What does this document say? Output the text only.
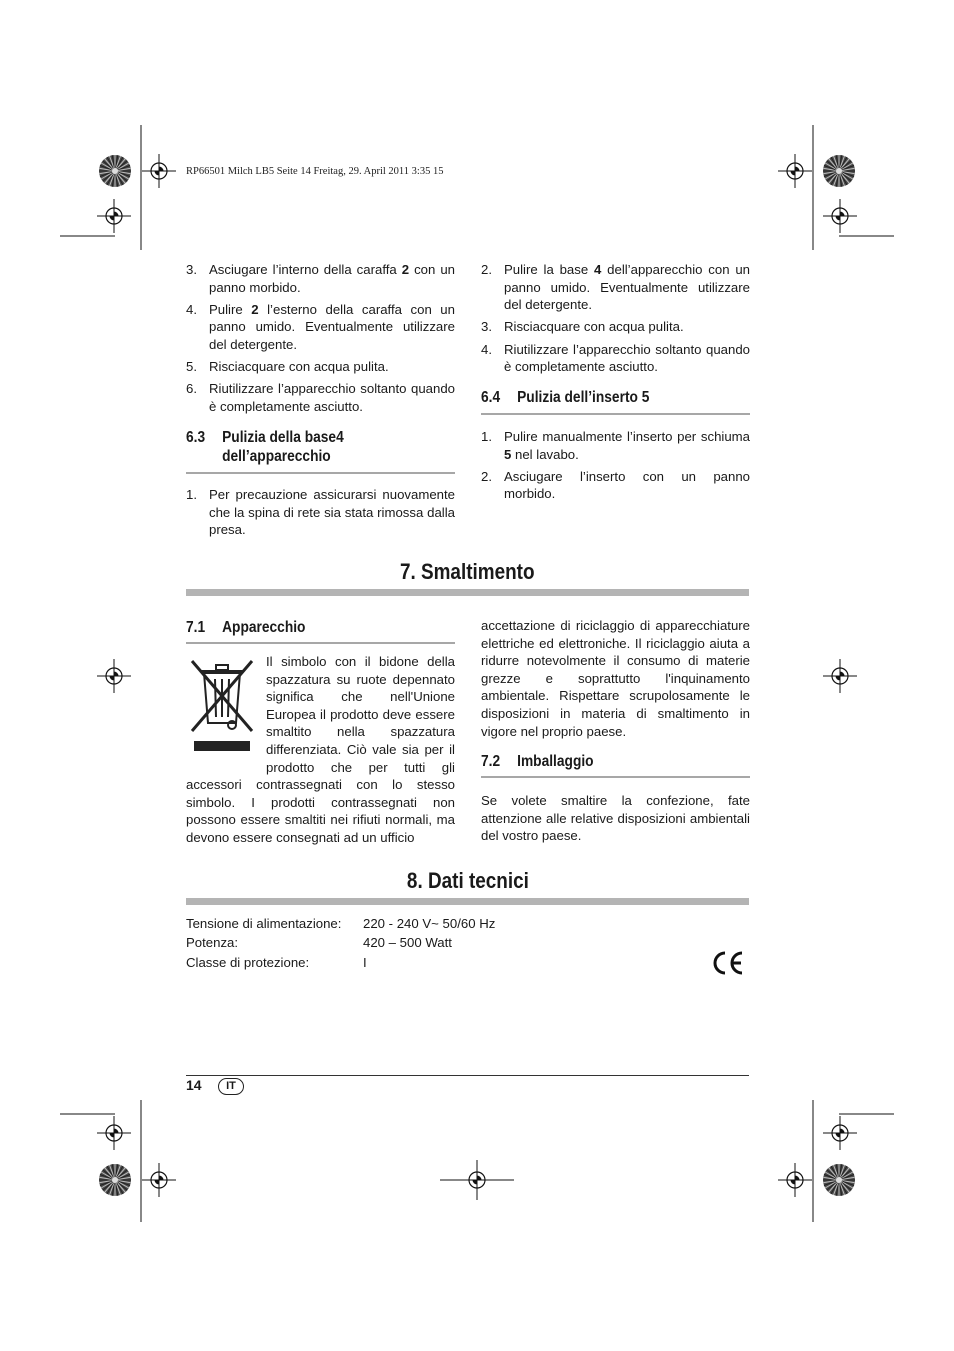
RP66501 Milch LB5 Seite 14 Freitag, 29. April 2011 3:35 15
3. Asciugare l’interno della caraffa 2 con un panno morbido.
4. Pulire 2 l’esterno della caraffa con un panno umido. Eventualmente utilizzare del detergente.
5. Risciacquare con acqua pulita.
6. Riutilizzare l’apparecchio soltanto quando è completamente asciutto.
6.3 Pulizia della base4
dell’apparecchio
1. Per precauzione assicurarsi nuovamente che la spina di rete sia stata rimossa dalla presa.
2. Pulire la base 4 dell’apparecchio con un panno umido. Eventualmente utilizzare del detergente.
3. Risciacquare con acqua pulita.
4. Riutilizzare l’apparecchio soltanto quando è completamente asciutto.
6.4 Pulizia dell’inserto 5
1. Pulire manualmente l’inserto per schiuma 5 nel lavabo.
2. Asciugare l’inserto con un panno morbido.
7. Smaltimento
7.1 Apparecchio

Il simbolo con il bidone della spazzatura su ruote depennato significa che nell'Unione Europea il prodotto deve essere smaltito nella spazzatura differenziata. Ciò vale sia per il prodotto che per tutti gli accessori contrassegnati con lo stesso simbolo. I prodotti contrassegnati non possono essere smaltiti nei rifiuti normali, ma devono essere consegnati ad un ufficio

accettazione di riciclaggio di apparecchiature elettriche ed elettroniche. Il riciclaggio aiuta a ridurre notevolmente il consumo di materie grezze e soprattutto l'inquinamento ambientale. Rispettare scrupolosamente le disposizioni in materia di smaltimento in vigore nel proprio paese.

7.2 Imballaggio

Se volete smaltire la confezione, fate attenzione alle relative disposizioni ambientali del vostro paese.

8. Dati tecnici
Tensione di alimentazione:	220 - 240 V~ 50/60 Hz
Potenza:	420 – 500 Watt
Classe di protezione:	I
14	IT
